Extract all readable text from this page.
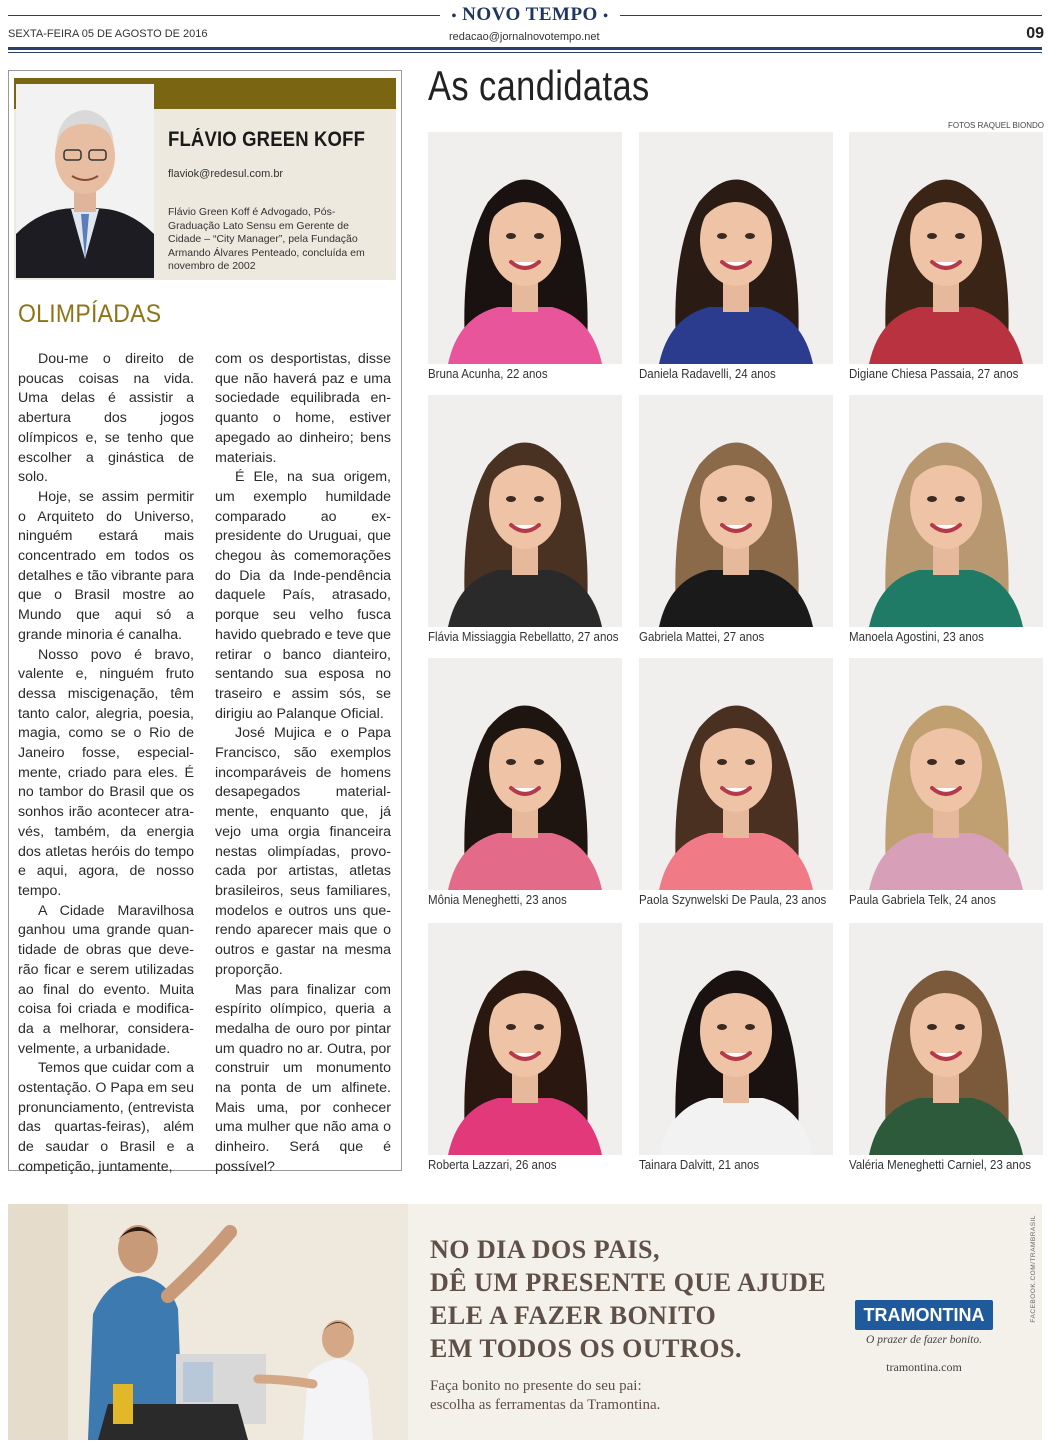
• NOVO TEMPO •
SEXTA-FEIRA 05 DE AGOSTO DE 2016	redacao@jornalnovotempo.net	09
FLÁVIO GREEN KOFF
flaviok@redesul.com.br
Flávio Green Koff é Advogado, Pós-Graduação Lato Sensu em Gerente de Cidade – “City Manager”, pela Fundação Armando Álvares Penteado, concluída em novembro de 2002
OLIMPÍADAS

Dou-me o direito de poucas coisas na vida. Uma delas é assistir a abertura dos jogos olímpicos e, se tenho que escolher a ginástica de solo.

Hoje, se assim permitir o Arquiteto do Universo, ninguém estará mais concentrado em todos os detalhes e tão vibrante para que o Brasil mostre ao Mundo que aqui só a grande minoria é canalha.

Nosso povo é bravo, valente e, ninguém fruto dessa miscigenação, têm tanto calor, alegria, poesia, magia, como se o Rio de Janeiro fosse, especialmente, criado para eles. É no tambor do Brasil que os sonhos irão acontecer através, também, da energia dos atletas heróis do tempo e aqui, agora, de nosso tempo.

A Cidade Maravilhosa ganhou uma grande quantidade de obras que deverão ficar e serem utilizadas ao final do evento. Muita coisa foi criada e modificada a melhorar, consideravelmente, a urbanidade.

Temos que cuidar com a ostentação. O Papa em seu pronunciamento, (entrevista das quartas-feiras), além de saudar o Brasil e a competição, juntamente,

com os desportistas, disse que não haverá paz e uma sociedade equilibrada enquanto o home, estiver apegado ao dinheiro; bens materiais.

É Ele, na sua origem, um exemplo humildade comparado ao ex-presidente do Uruguai, que chegou às comemorações do Dia da Inde-pendência daquele País, atrasado, porque seu velho fusca havido quebrado e teve que retirar o banco dianteiro, sentando sua esposa no traseiro e assim sós, se dirigiu ao Palanque Oficial.

José Mujica e o Papa Francisco, são exemplos incomparáveis de homens desapegados materialmente, enquanto que, já vejo uma orgia financeira nestas olimpíadas, provocada por artistas, atletas brasileiros, seus familiares, modelos e outros uns querendo aparecer mais que o outros e gastar na mesma proporção.

Mas para finalizar com espírito olímpico, queria a medalha de ouro por pintar um quadro no ar. Outra, por construir um monumento na ponta de um alfinete. Mais uma, por conhecer uma mulher que não ama o dinheiro. Será que é possível?

As candidatas
FOTOS RAQUEL BIONDO
Bruna Acunha, 22 anos	Daniela Radavelli, 24 anos	Digiane Chiesa Passaia, 27 anos
Flávia Missiaggia Rebellatto, 27 anos Gabriela Mattei, 27 anos	Manoela Agostini, 23 anos
Mônia Meneghetti, 23 anos	Paola Szynwelski De Paula, 23 anos Paula Gabriela Telk, 24 anos
Roberta Lazzari, 26 anos	Tainara Dalvitt, 21 anos	Valéria Meneghetti Carniel, 23 anos
NO DIA DOS PAIS,
DÊ UM PRESENTE QUE AJUDE
ELE A FAZER BONITO
EM TODOS OS OUTROS.
Faça bonito no presente do seu pai:
escolha as ferramentas da Tramontina.
TRAMONTINA
O prazer de fazer bonito.
tramontina.com
FACEBOOK.COM/TRAMBRASIL
